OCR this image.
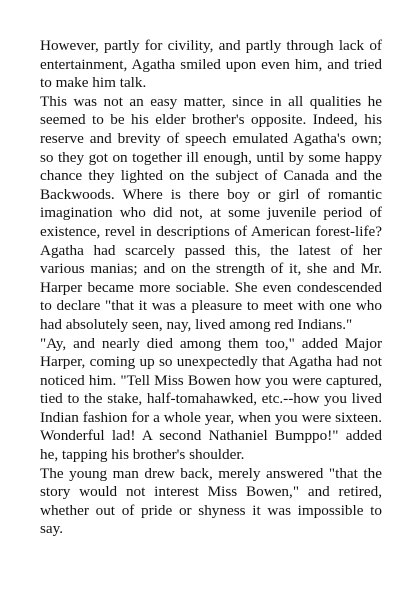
However, partly for civility, and partly through lack of entertainment, Agatha smiled upon even him, and tried to make him talk.

This was not an easy matter, since in all qualities he seemed to be his elder brother's opposite. Indeed, his reserve and brevity of speech emulated Agatha's own; so they got on together ill enough, until by some happy chance they lighted on the subject of Canada and the Backwoods. Where is there boy or girl of romantic imagination who did not, at some juvenile period of existence, revel in descriptions of American forest-life? Agatha had scarcely passed this, the latest of her various manias; and on the strength of it, she and Mr. Harper became more sociable. She even condescended to declare "that it was a pleasure to meet with one who had absolutely seen, nay, lived among red Indians."

"Ay, and nearly died among them too," added Major Harper, coming up so unexpectedly that Agatha had not noticed him. "Tell Miss Bowen how you were captured, tied to the stake, half-tomahawked, etc.--how you lived Indian fashion for a whole year, when you were sixteen. Wonderful lad! A second Nathaniel Bumppo!" added he, tapping his brother's shoulder.

The young man drew back, merely answered "that the story would not interest Miss Bowen," and retired, whether out of pride or shyness it was impossible to say.
